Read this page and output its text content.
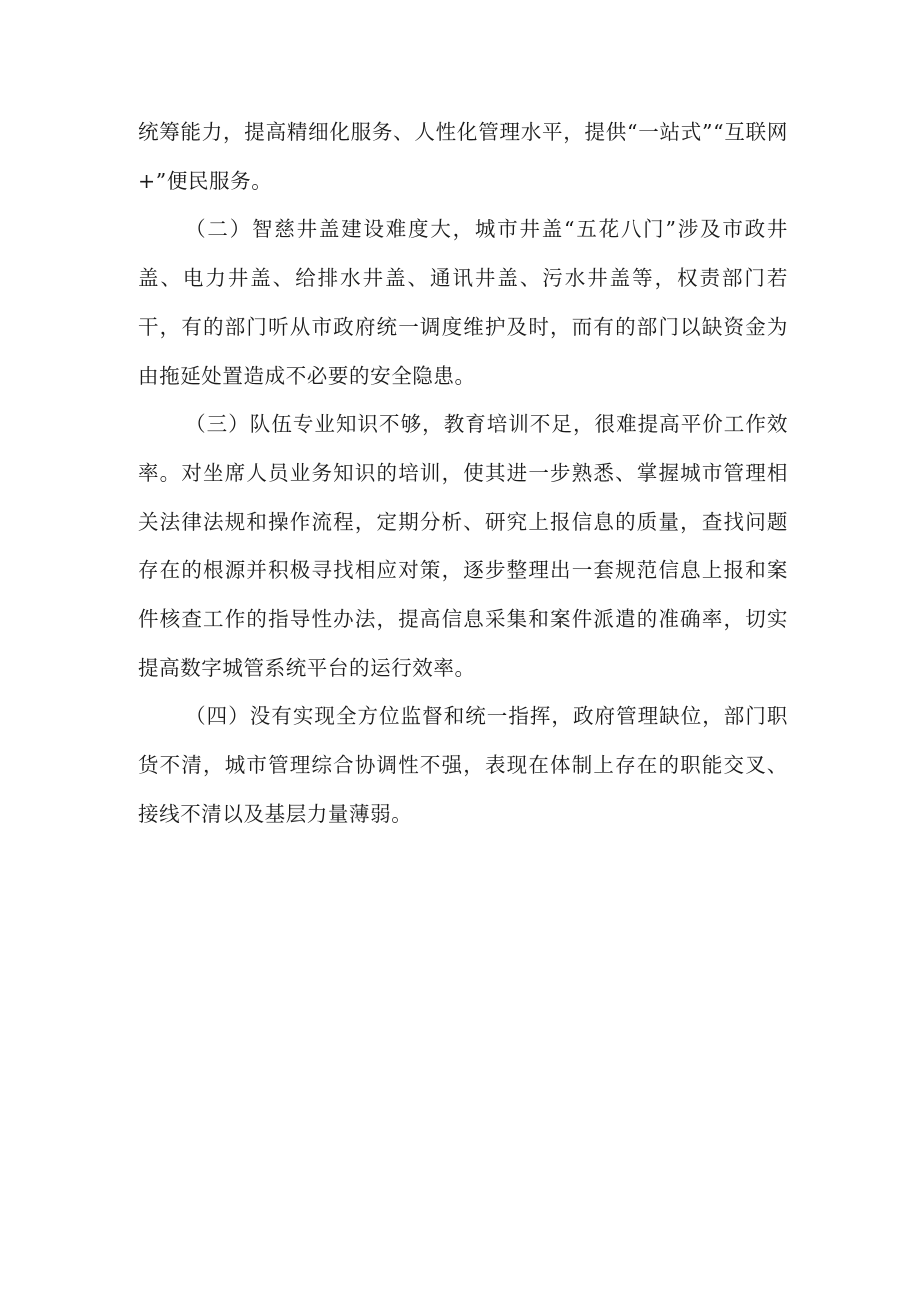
统筹能力，提高精细化服务、人性化管理水平，提供“一站式”“互联网+”便民服务。

（二）智慈井盖建设难度大，城市井盖“五花八门”涉及市政井盖、电力井盖、给排水井盖、通讯井盖、污水井盖等，权责部门若干，有的部门听从市政府统一调度维护及时，而有的部门以缺资金为由拖延处置造成不必要的安全隐患。

（三）队伍专业知识不够，教育培训不足，很难提高平价工作效率。对坐席人员业务知识的培训，使其进一步熟悉、掌握城市管理相关法律法规和操作流程，定期分析、研究上报信息的质量，查找问题存在的根源并积极寻找相应对策，逐步整理出一套规范信息上报和案件核查工作的指导性办法，提高信息采集和案件派遣的准确率，切实提高数字城管系统平台的运行效率。

（四）没有实现全方位监督和统一指挥，政府管理缺位，部门职货不清，城市管理综合协调性不强，表现在体制上存在的职能交叉、接线不清以及基层力量薄弱。
